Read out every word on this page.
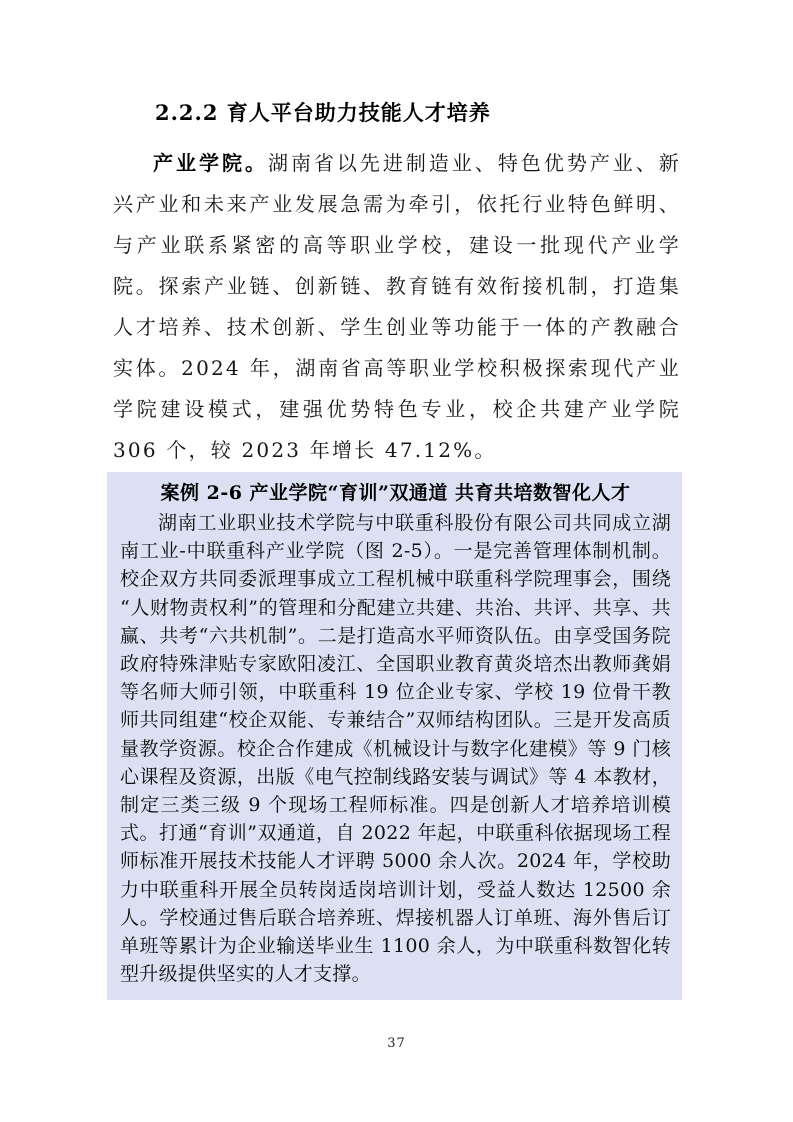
2.2.2 育人平台助力技能人才培养

产业学院。湖南省以先进制造业、特色优势产业、新兴产业和未来产业发展急需为牵引，依托行业特色鲜明、与产业联系紧密的高等职业学校，建设一批现代产业学院。探索产业链、创新链、教育链有效衔接机制，打造集人才培养、技术创新、学生创业等功能于一体的产教融合实体。2024 年，湖南省高等职业学校积极探索现代产业学院建设模式，建强优势特色专业，校企共建产业学院 306 个，较 2023 年增长 47.12%。

案例 2-6 产业学院“育训”双通道 共育共培数智化人才

湖南工业职业技术学院与中联重科股份有限公司共同成立湖南工业-中联重科产业学院（图 2-5）。一是完善管理体制机制。校企双方共同委派理事成立工程机械中联重科学院理事会，围绕“人财物责权利”的管理和分配建立共建、共治、共评、共享、共赢、共考“六共机制”。二是打造高水平师资队伍。由享受国务院政府特殊津贴专家欧阳凌江、全国职业教育黄炎培杰出教师龚娟等名师大师引领，中联重科 19 位企业专家、学校 19 位骨干教师共同组建“校企双能、专兼结合”双师结构团队。三是开发高质量教学资源。校企合作建成《机械设计与数字化建模》等 9 门核心课程及资源，出版《电气控制线路安装与调试》等 4 本教材，制定三类三级 9 个现场工程师标准。四是创新人才培养培训模式。打通“育训”双通道，自 2022 年起，中联重科依据现场工程师标准开展技术技能人才评聘 5000 余人次。2024 年，学校助力中联重科开展全员转岗适岗培训计划，受益人数达 12500 余人。学校通过售后联合培养班、焊接机器人订单班、海外售后订单班等累计为企业输送毕业生 1100 余人，为中联重科数智化转型升级提供坚实的人才支撑。

37
